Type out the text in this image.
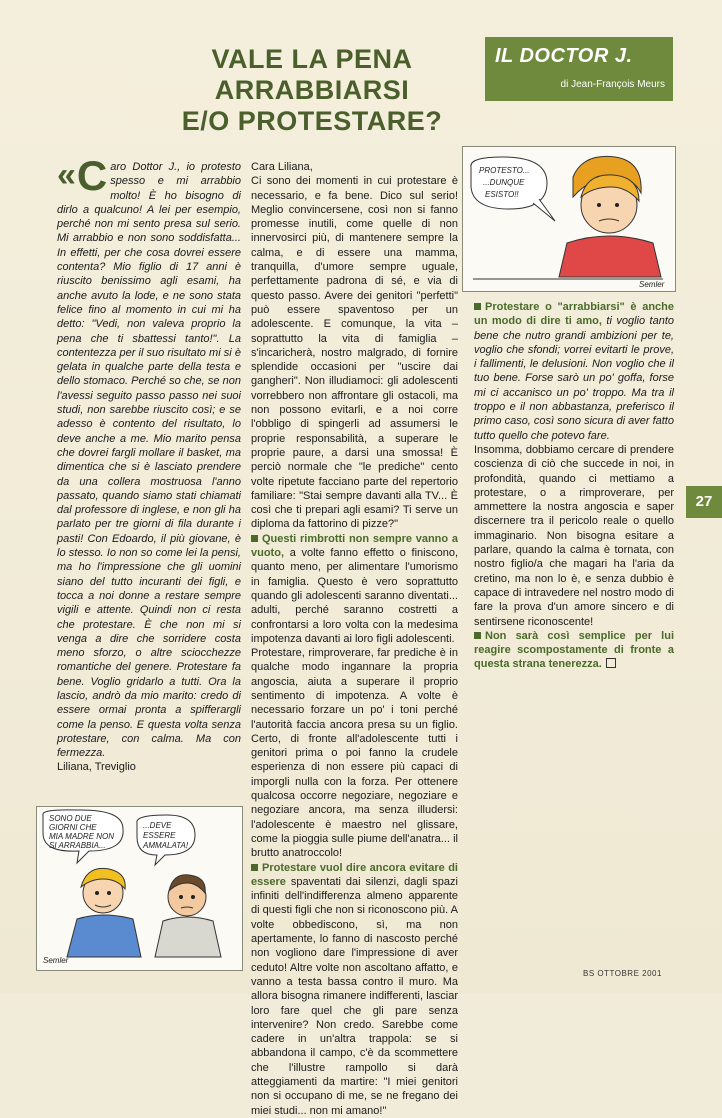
VALE LA PENA
ARRABBIARSI
E/O PROTESTARE?
IL DOCTOR J.
di Jean-François Meurs

« C aro Dottor J., io protesto spesso e mi arrabbio molto! È ho bisogno di dirlo a qualcuno! A lei per esempio, perché non mi sento presa sul serio. Mi arrabbio e non sono soddisfatta... In effetti, per che cosa dovrei essere contenta? Mio figlio di 17 anni è riuscito benissimo agli esami, ha anche avuto la lode, e ne sono stata felice fino al momento in cui mi ha detto: "Vedi, non valeva proprio la pena che ti sbattessi tanto!". La contentezza per il suo risultato mi si è gelata in qualche parte della testa e dello stomaco. Perché so che, se non l'avessi seguito passo passo nei suoi studi, non sarebbe riuscito così; e se adesso è contento del risultato, lo deve anche a me. Mio marito pensa che dovrei fargli mollare il basket, ma dimentica che si è lasciato prendere da una collera mostruosa l'anno passato, quando siamo stati chiamati dal professore di inglese, e non gli ha parlato per tre giorni di fila durante i pasti! Con Edoardo, il più giovane, è lo stesso. Io non so come lei la pensi, ma ho l'impressione che gli uomini siano del tutto incuranti dei figli, e tocca a noi donne a restare sempre vigili e attente. Quindi non ci resta che protestare. È che non mi si venga a dire che sorridere costa meno sforzo, o altre sciocchezze romantiche del genere. Protestare fa bene. Voglio gridarlo a tutti. Ora la lascio, andrò da mio marito: credo di essere ormai pronta a spifferargli come la penso. E questa volta senza protestare, con calma. Ma con fermezza.

Liliana, Treviglio

SONO DUE
GIORNI CHE
MIA MADRE NON
SI ARRABBIA...
...DEVE
ESSERE
AMMALATA!
Semler

Cara Liliana,

Ci sono dei momenti in cui protestare è necessario, e fa bene. Dico sul serio! Meglio convincersene, così non si fanno promesse inutili, come quelle di non innervosirci più, di mantenere sempre la calma, e di essere una mamma, tranquilla, d'umore sempre uguale, perfettamente padrona di sé, e via di questo passo. Avere dei genitori "perfetti" può essere spaventoso per un adolescente. E comunque, la vita – soprattutto la vita di famiglia – s'incaricherà, nostro malgrado, di fornire splendide occasioni per "uscire dai gangheri". Non illudiamoci: gli adolescenti vorrebbero non affrontare gli ostacoli, ma non possono evitarli, e a noi corre l'obbligo di spingerli ad assumersi le proprie responsabilità, a superare le proprie paure, a darsi una smossa! È perciò normale che "le prediche" cento volte ripetute facciano parte del repertorio familiare: "Stai sempre davanti alla TV... È così che ti prepari agli esami? Ti serve un diploma da fattorino di pizze?"

Questi rimbrotti non sempre vanno a vuoto, a volte fanno effetto o finiscono, quanto meno, per alimentare l'umorismo in famiglia. Questo è vero soprattutto quando gli adolescenti saranno diventati... adulti, perché saranno costretti a confrontarsi a loro volta con la medesima impotenza davanti ai loro figli adolescenti.

Protestare, rimproverare, far prediche è in qualche modo ingannare la propria angoscia, aiuta a superare il proprio sentimento di impotenza. A volte è necessario forzare un po' i toni perché l'autorità faccia ancora presa su un figlio. Certo, di fronte all'adolescente tutti i genitori prima o poi fanno la crudele esperienza di non essere più capaci di imporgli nulla con la forza. Per ottenere qualcosa occorre negoziare, negoziare e negoziare ancora, ma senza illudersi: l'adolescente è maestro nel glissare, come la pioggia sulle piume dell'anatra... il brutto anatroccolo!

Protestare vuol dire ancora evitare di essere spaventati dai silenzi, dagli spazi infiniti dell'indifferenza almeno apparente di questi figli che non si riconoscono più. A volte obbediscono, sì, ma non apertamente, lo fanno di nascosto perché non vogliono dare l'impressione di aver ceduto! Altre volte non ascoltano affatto, e vanno a testa bassa contro il muro. Ma allora bisogna rimanere indifferenti, lasciar loro fare quel che gli pare senza intervenire? Non credo. Sarebbe come cadere in un'altra trappola: se si abbandona il campo, c'è da scommettere che l'illustre rampollo si darà atteggiamenti da martire: "I miei genitori non si occupano di me, se ne fregano dei miei studi... non mi amano!"

PROTESTO...
...DUNQUE
ESISTO!!
Semler

Protestare o "arrabbiarsi" è anche un modo di dire ti amo, ti voglio tanto bene che nutro grandi ambizioni per te, voglio che sfondi; vorrei evitarti le prove, i fallimenti, le delusioni. Non voglio che il tuo bene. Forse sarò un po' goffa, forse mi ci accanisco un po' troppo. Ma tra il troppo e il non abbastanza, preferisco il primo caso, così sono sicura di aver fatto tutto quello che potevo fare.

Insomma, dobbiamo cercare di prendere coscienza di ciò che succede in noi, in profondità, quando ci mettiamo a protestare, o a rimproverare, per ammettere la nostra angoscia e saper discernere tra il pericolo reale o quello immaginario. Non bisogna esitare a parlare, quando la calma è tornata, con nostro figlio/a che magari ha l'aria da cretino, ma non lo è, e senza dubbio è capace di intravedere nel nostro modo di fare la prova d'un amore sincero e di sentirsene riconoscente!

Non sarà così semplice per lui reagire scompostamente di fronte a questa strana tenerezza.

27
BS OTTOBRE 2001
